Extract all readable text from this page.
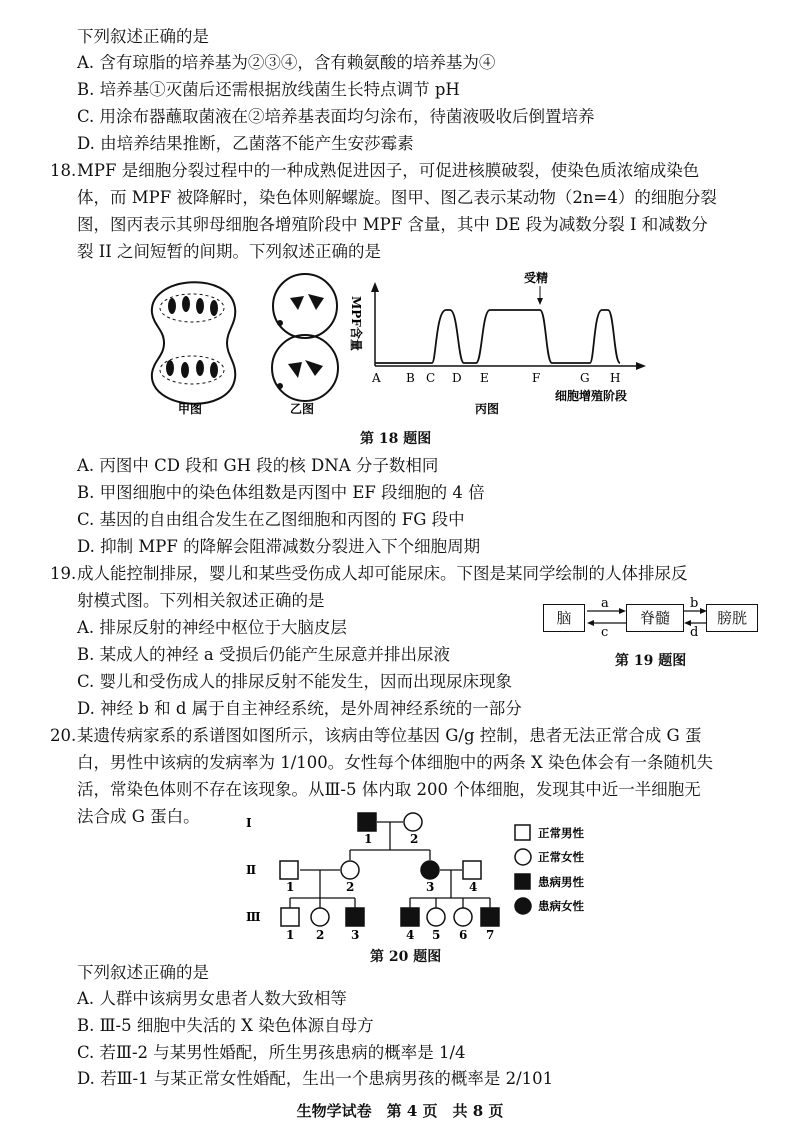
下列叙述正确的是
A. 含有琼脂的培养基为②③④，含有赖氨酸的培养基为④
B. 培养基①灭菌后还需根据放线菌生长特点调节 pH
C. 用涂布器蘸取菌液在②培养基表面均匀涂布，待菌液吸收后倒置培养
D. 由培养结果推断，乙菌落不能产生安莎霉素
18. MPF 是细胞分裂过程中的一种成熟促进因子，可促进核膜破裂，使染色质浓缩成染色
体，而 MPF 被降解时，染色体则解螺旋。图甲、图乙表示某动物（2n=4）的细胞分裂
图，图丙表示其卵母细胞各增殖阶段中 MPF 含量，其中 DE 段为减数分裂 I 和减数分
裂 II 之间短暂的间期。下列叙述正确的是
甲图	乙图
MPF含量
受精
A B C D E	F	G H
细胞增殖阶段
丙图
第 18 题图
A. 丙图中 CD 段和 GH 段的核 DNA 分子数相同
B. 甲图细胞中的染色体组数是丙图中 EF 段细胞的 4 倍
C. 基因的自由组合发生在乙图细胞和丙图的 FG 段中
D. 抑制 MPF 的降解会阻滞减数分裂进入下个细胞周期
19. 成人能控制排尿，婴儿和某些受伤成人却可能尿床。下图是某同学绘制的人体排尿反
射模式图。下列相关叙述正确的是
A. 排尿反射的神经中枢位于大脑皮层
B. 某成人的神经 a 受损后仍能产生尿意并排出尿液
C. 婴儿和受伤成人的排尿反射不能发生，因而出现尿床现象
D. 神经 b 和 d 属于自主神经系统，是外周神经系统的一部分
脑	脊髓	膀胱
a
c
b
d
第 19 题图
20. 某遗传病家系的系谱图如图所示，该病由等位基因 G/g 控制，患者无法正常合成 G 蛋
白，男性中该病的发病率为 1/100。女性每个体细胞中的两条 X 染色体会有一条随机失
活，常染色体则不存在该现象。从Ⅲ-5 体内取 200 个体细胞，发现其中近一半细胞无
法合成 G 蛋白。	Ⅰ
Ⅱ
Ⅲ
1	2
1	2	3	4
1 2 3	4 5 6 7
正常男性
正常女性
患病男性
患病女性
第 20 题图
下列叙述正确的是
A. 人群中该病男女患者人数大致相等
B. Ⅲ-5 细胞中失活的 X 染色体源自母方
C. 若Ⅲ-2 与某男性婚配，所生男孩患病的概率是 1/4
D. 若Ⅲ-1 与某正常女性婚配，生出一个患病男孩的概率是 2/101
生物学试卷　第 4 页　共 8 页
